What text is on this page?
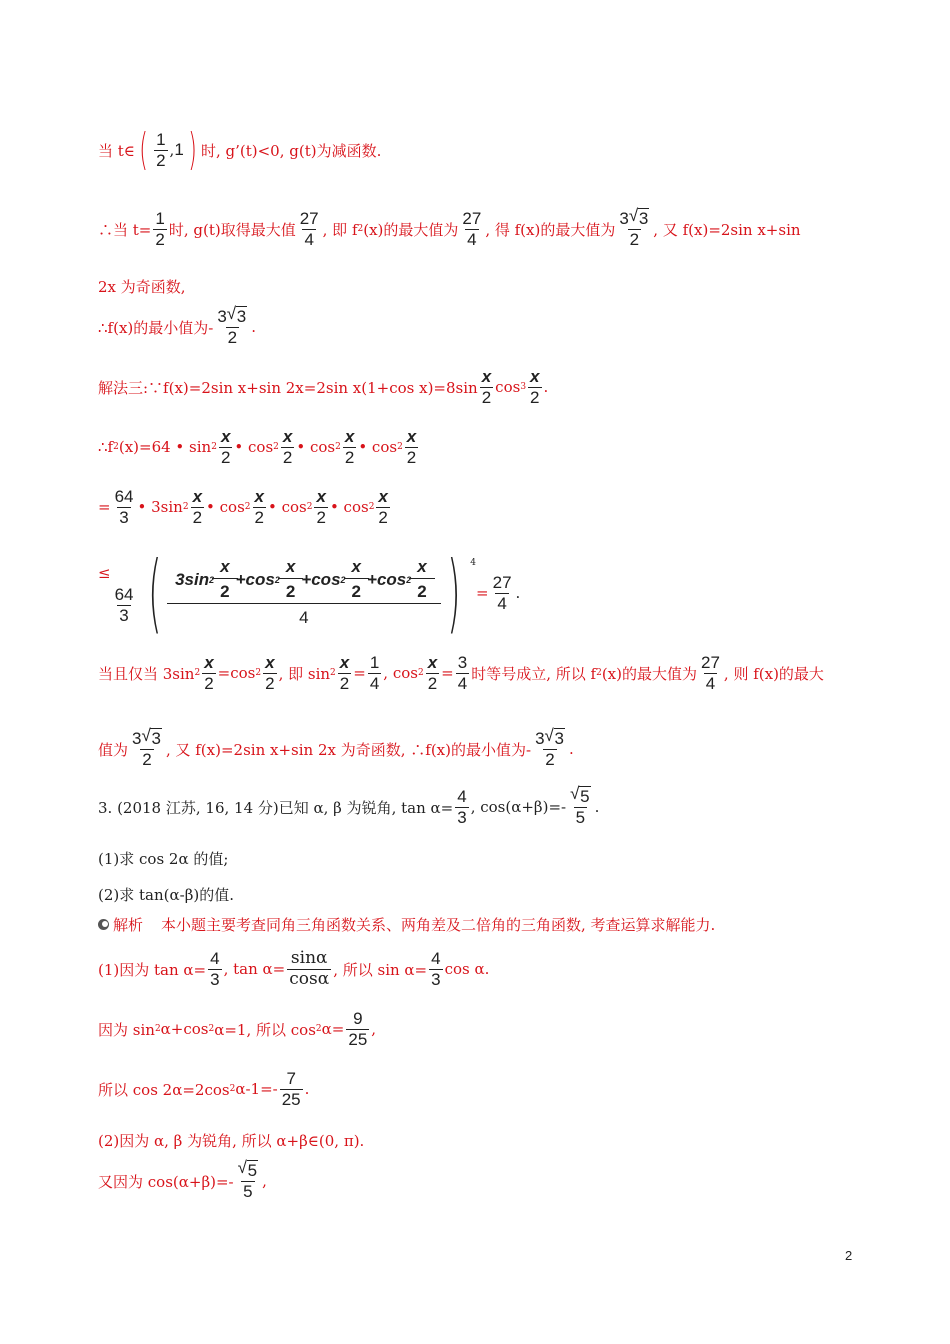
当 t∈ ( $\frac{1}{2}$ , 1 ) 时, g’(t)<0, g(t)为减函数.
∴当 $t= \frac{1}{2}$ 时, g(t)取得最大值 $\frac{27}{4}$ , 即 f 2 (x)的最大值为 $\frac{27}{4}$ , 得 f(x)的最大值为 $\frac{3 √ 3}{2}$ , 又 f(x)=2sin x+sin
2x 为奇函数,
∴f(x)的最小值为- $\frac{3 √ 3}{2}$ .
解法三:∵f(x)=2sin x+sin 2x=2sin x(1+cos $x)=8\sin \frac{x}{2}$ $\cos 3 \frac{x}{2}$ .
∴f 2 (x)=64 • $\sin 2 \frac{x}{2}$ • $\cos 2 \frac{x}{2}$ • $\cos 2 \frac{x}{2}$ • $\cos 2 \frac{x}{2}$
= $\frac{64}{3}$ • 3sin $2 \frac{x}{2}$ • $\cos 2 \frac{x}{2}$ • $\cos 2 \frac{x}{2}$ • $\cos 2 \frac{x}{2}$
≤
$\frac{64}{3}$ ( 3sin $2 \frac{x}{2} +\cos$ $2 \frac{x}{2} +\cos$ $2 \frac{x}{2} +\cos$ $2 \frac{x}{2}$
4	) $^4$
= $\frac{27}{4}$ .
当且仅当 3sin $2 \frac{x}{2} =\cos$ $2 \frac{x}{2}$ , 即 $\sin 2 \frac{x}{2} = \frac{1}{4}$ , $\cos 2 \frac{x}{2} = \frac{3}{4}$ 时等号成立, 所以 f 2 (x)的最大值为 $\frac{27}{4}$ , 则 f(x)的最大
值为 $\frac{3 √ 3}{2}$ , 又 f(x)=2sin x+sin 2x 为奇函数, ∴f(x)的最小值为- $\frac{3 √ 3}{2}$ .
3. (2018 江苏, 16, 14 分)已知 α, β 为锐角, $\tan \alpha= \frac{4}{3}$ , $\cos(\alpha+\beta)=- \frac{√ 5}{5}$ .
(1)求 cos 2α 的值;
(2)求 tan(α-β)的值.
解析 本小题主要考查同角三角函数关系、两角差及二倍角的三角函数, 考查运算求解能力.
(1)因为 $\tan \alpha= \frac{4}{3}$ , $\tan \alpha= \frac{\sin\alpha}{\cos\alpha}$ , 所以 $\sin \alpha= \frac{4}{3}$ cos α.
因为 sin 2 α+cos 2 α=1, 所以 cos 2 $\alpha= \frac{9}{25}$ ,
所以 cos 2α=2cos 2 $\alpha-1=- \frac{7}{25}$ .
(2)因为 α, β 为锐角, 所以 α+β∈(0, π).
又因为 $\cos(\alpha+\beta)=- \frac{√ 5}{5}$ ,
2
